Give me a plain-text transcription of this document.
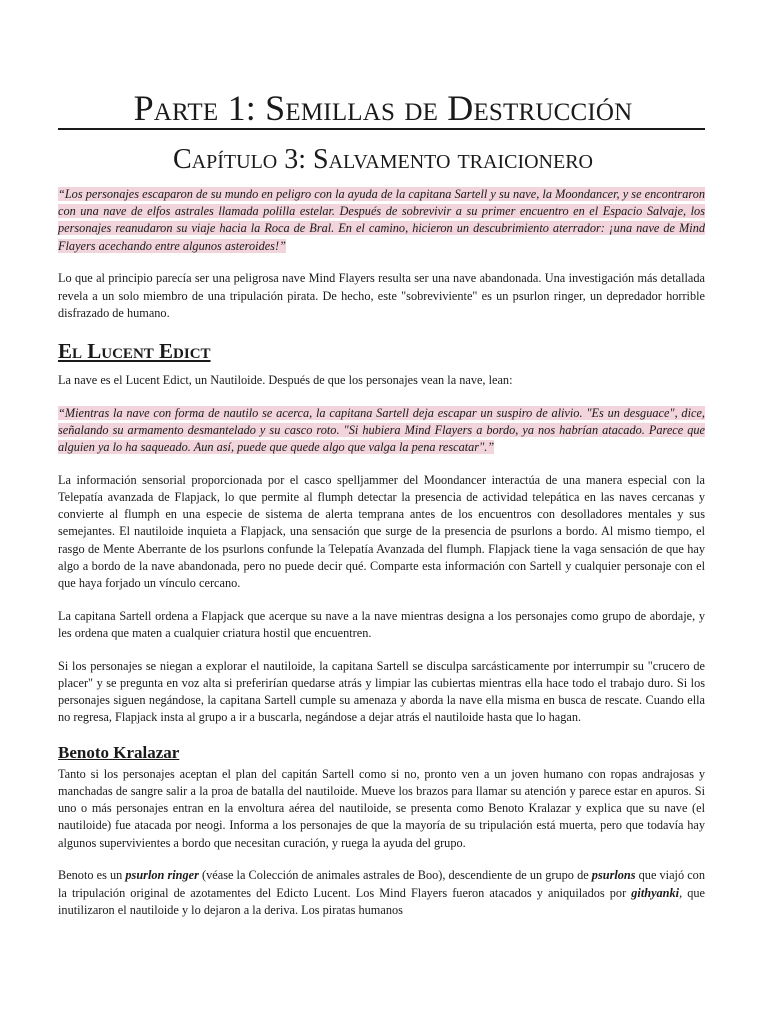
Parte 1: Semillas de Destrucción
Capítulo 3: Salvamento traicionero
“Los personajes escaparon de su mundo en peligro con la ayuda de la capitana Sartell y su nave, la Moondancer, y se encontraron con una nave de elfos astrales llamada polilla estelar. Después de sobrevivir a su primer encuentro en el Espacio Salvaje, los personajes reanudaron su viaje hacia la Roca de Bral. En el camino, hicieron un descubrimiento aterrador: ¡una nave de Mind Flayers acechando entre algunos asteroides!”

Lo que al principio parecía ser una peligrosa nave Mind Flayers resulta ser una nave abandonada. Una investigación más detallada revela a un solo miembro de una tripulación pirata. De hecho, este "sobreviviente" es un psurlon ringer, un depredador horrible disfrazado de humano.

El Lucent Edict

La nave es el Lucent Edict, un Nautiloide. Después de que los personajes vean la nave, lean:

“Mientras la nave con forma de nautilo se acerca, la capitana Sartell deja escapar un suspiro de alivio. "Es un desguace", dice, señalando su armamento desmantelado y su casco roto. "Si hubiera Mind Flayers a bordo, ya nos habrían atacado. Parece que alguien ya lo ha saqueado. Aun así, puede que quede algo que valga la pena rescatar".”

La información sensorial proporcionada por el casco spelljammer del Moondancer interactúa de una manera especial con la Telepatía avanzada de Flapjack, lo que permite al flumph detectar la presencia de actividad telepática en las naves cercanas y convierte al flumph en una especie de sistema de alerta temprana antes de los encuentros con desolladores mentales y sus semejantes. El nautiloide inquieta a Flapjack, una sensación que surge de la presencia de psurlons a bordo. Al mismo tiempo, el rasgo de Mente Aberrante de los psurlons confunde la Telepatía Avanzada del flumph. Flapjack tiene la vaga sensación de que hay algo a bordo de la nave abandonada, pero no puede decir qué. Comparte esta información con Sartell y cualquier personaje con el que haya forjado un vínculo cercano.

La capitana Sartell ordena a Flapjack que acerque su nave a la nave mientras designa a los personajes como grupo de abordaje, y les ordena que maten a cualquier criatura hostil que encuentren.

Si los personajes se niegan a explorar el nautiloide, la capitana Sartell se disculpa sarcásticamente por interrumpir su "crucero de placer" y se pregunta en voz alta si preferirían quedarse atrás y limpiar las cubiertas mientras ella hace todo el trabajo duro. Si los personajes siguen negándose, la capitana Sartell cumple su amenaza y aborda la nave ella misma en busca de rescate. Cuando ella no regresa, Flapjack insta al grupo a ir a buscarla, negándose a dejar atrás el nautiloide hasta que lo hagan.

Benoto Kralazar

Tanto si los personajes aceptan el plan del capitán Sartell como si no, pronto ven a un joven humano con ropas andrajosas y manchadas de sangre salir a la proa de batalla del nautiloide. Mueve los brazos para llamar su atención y parece estar en apuros. Si uno o más personajes entran en la envoltura aérea del nautiloide, se presenta como Benoto Kralazar y explica que su nave (el nautiloide) fue atacada por neogi. Informa a los personajes de que la mayoría de su tripulación está muerta, pero que todavía hay algunos supervivientes a bordo que necesitan curación, y ruega la ayuda del grupo.

Benoto es un psurlon ringer (véase la Colección de animales astrales de Boo), descendiente de un grupo de psurlons que viajó con la tripulación original de azotamentes del Edicto Lucent. Los Mind Flayers fueron atacados y aniquilados por githyanki, que inutilizaron el nautiloide y lo dejaron a la deriva. Los piratas humanos
